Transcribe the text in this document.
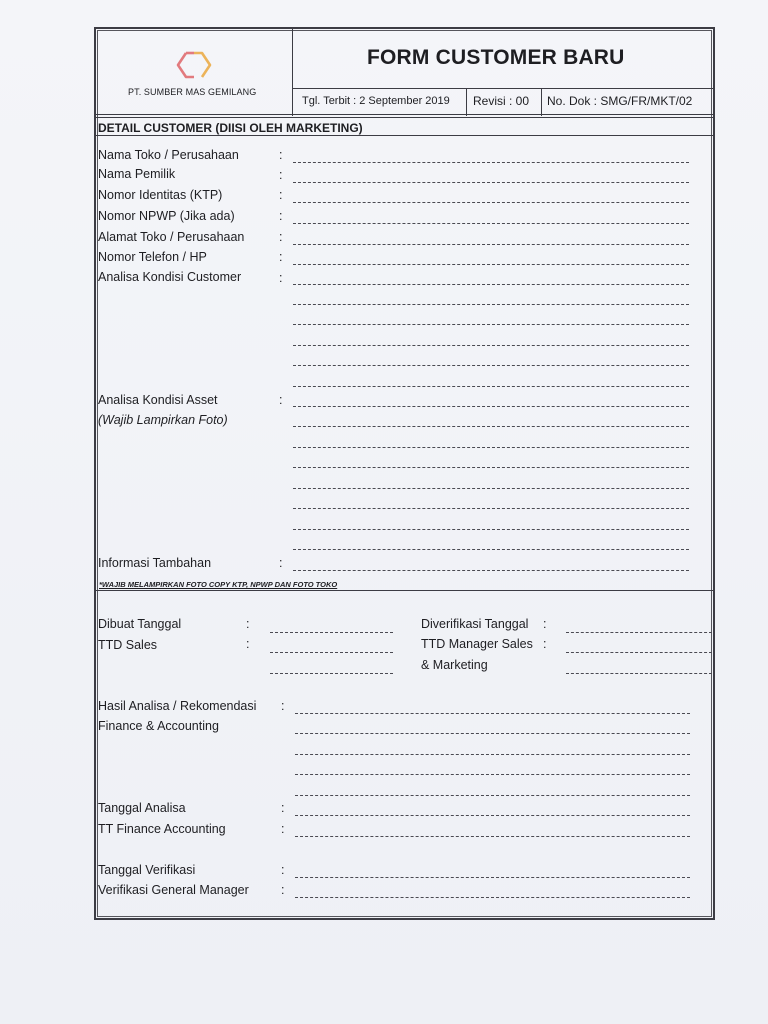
PT. SUMBER MAS GEMILANG
FORM CUSTOMER BARU
Tgl. Terbit : 2 September 2019 Revisi : 00 No. Dok : SMG/FR/MKT/02
DETAIL CUSTOMER (DIISI OLEH MARKETING)
Nama Toko / Perusahaan
Nama Pemilik
Nomor Identitas (KTP)
Nomor NPWP (Jika ada)
Alamat Toko / Perusahaan
Nomor Telefon / HP
Analisa Kondisi Customer
Analisa Kondisi Asset
(Wajib Lampirkan Foto)
Informasi Tambahan
:
:
:
:
:
:
:
:
:
*WAJIB MELAMPIRKAN FOTO COPY KTP, NPWP DAN FOTO TOKO
Dibuat Tanggal
TTD Sales
:
:
Diverifikasi Tanggal
TTD Manager Sales
& Marketing
:
:
Hasil Analisa / Rekomendasi
Finance & Accounting
:
Tanggal Analisa
TT Finance Accounting
:
:
Tanggal Verifikasi
Verifikasi General Manager
:
:
